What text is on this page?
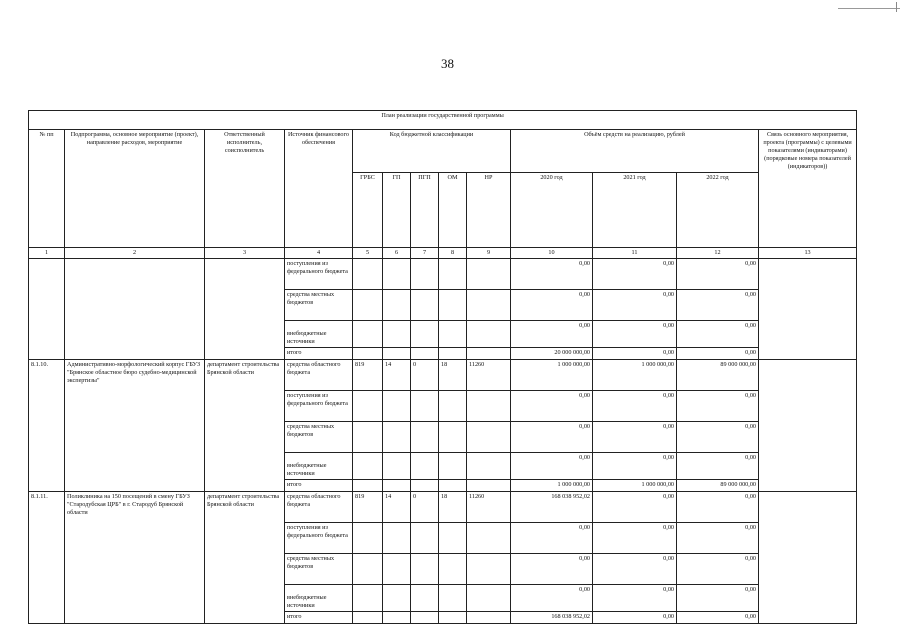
38
План реализации государственной программы												
№ пп	Подпрограмма, основное мероприятие (проект), направление расходов, мероприятие	Ответственный исполнитель, соисполнитель	Источник финансового обеспечения	Код бюджетной классификации					Объём средств на реализацию, рублей			Связь основного мероприятия, проекта (программы) с целевыми показателями (индикаторами) (порядковые номера показателей (индикаторов))
				ГРБС	ГП	ПГП	ОМ	НР	2020 год	2021 год	2022 год	
1	2	3	4	5	6	7	8	9	10	11	12	13
			поступления из федерального бюджета						0,00	0,00	0,00	
			средства местных бюджетов						0,00	0,00	0,00	
			внебюджетные источники						0,00	0,00	0,00	
			итого						20 000 000,00	0,00	0,00	
8.1.10.	Административно-морфологический корпус ГБУЗ "Брянское областное бюро судебно-медицинской экспертизы"	департамент строительства Брянской области	средства областного бюджета	819	14	0	18	11260	1 000 000,00	1 000 000,00	89 000 000,00	
			поступления из федерального бюджета						0,00	0,00	0,00	
			средства местных бюджетов						0,00	0,00	0,00	
			внебюджетные источники						0,00	0,00	0,00	
			итого						1 000 000,00	1 000 000,00	89 000 000,00	
8.1.11.	Поликлиника на 150 посещений в смену ГБУЗ "Стародубская ЦРБ" в г. Стародуб Брянской области	департамент строительства Брянской области	средства областного бюджета	819	14	0	18	11260	168 038 952,02	0,00	0,00	
			поступления из федерального бюджета						0,00	0,00	0,00	
			средства местных бюджетов						0,00	0,00	0,00	
			внебюджетные источники						0,00	0,00	0,00	
			итого						168 038 952,02	0,00	0,00	
